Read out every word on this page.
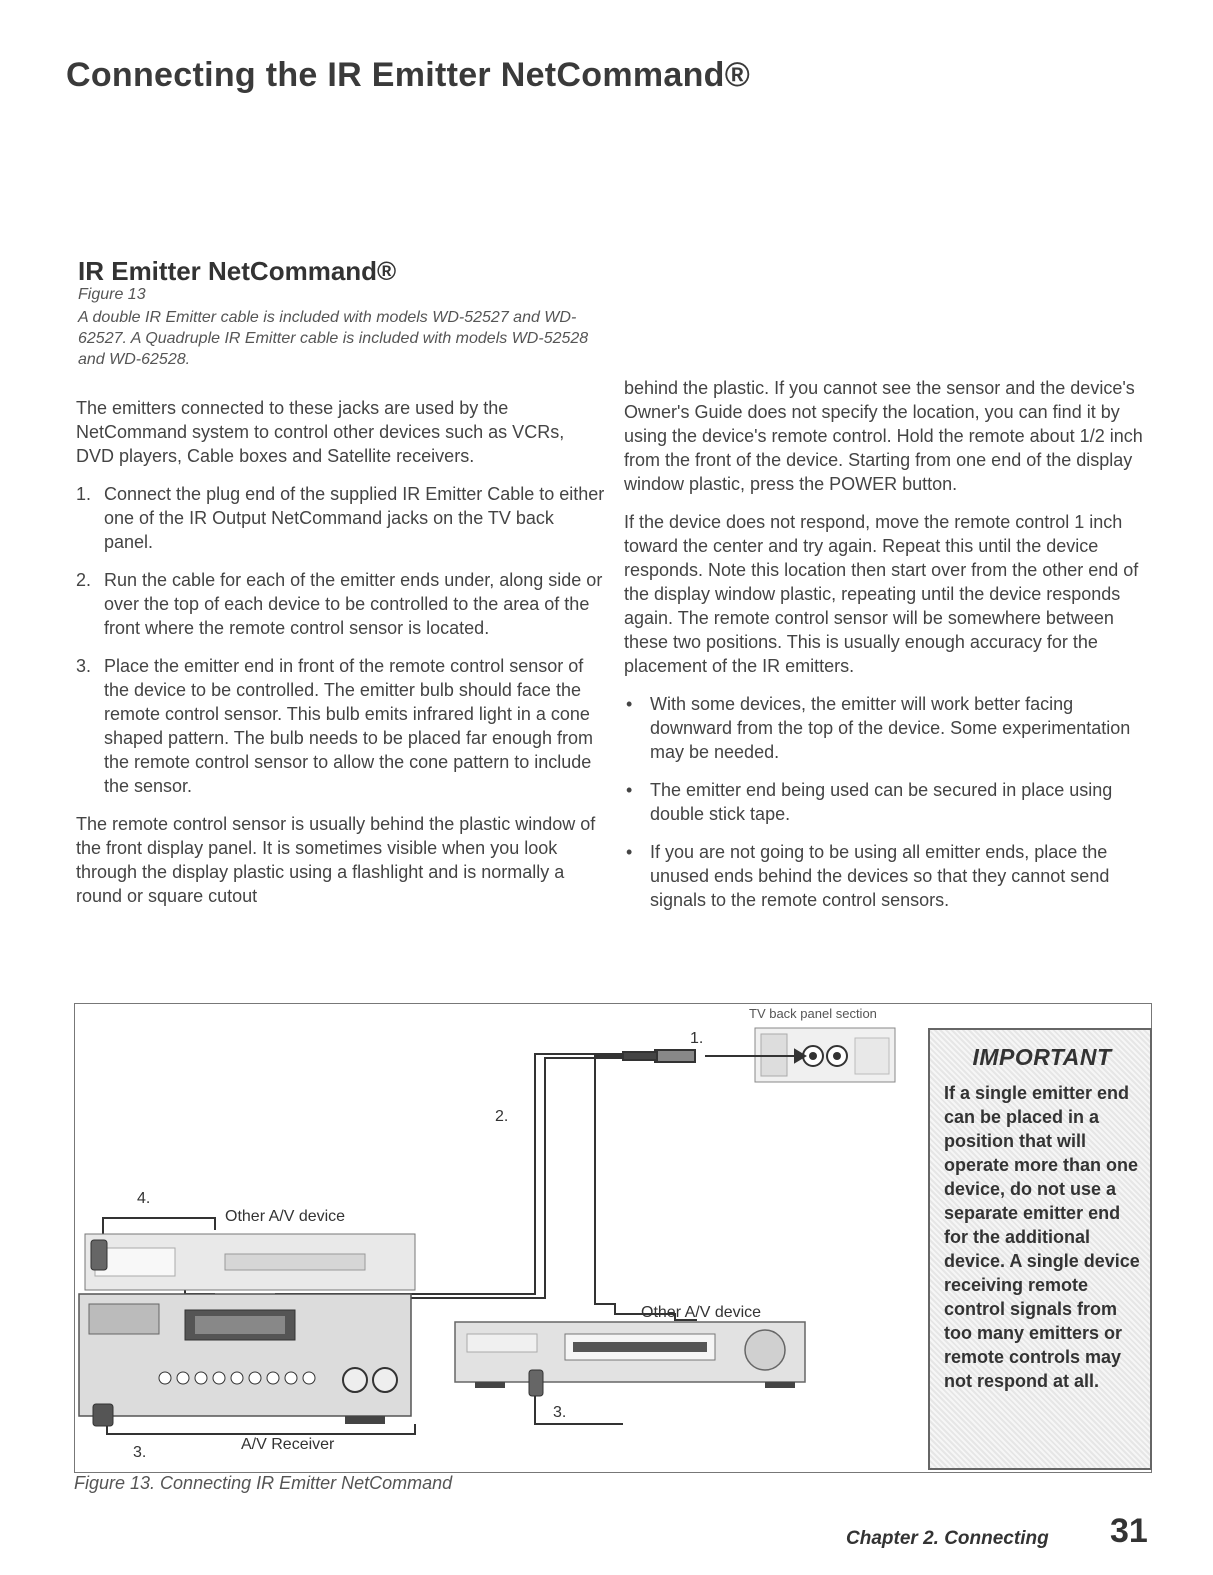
Connecting the IR Emitter NetCommand®
IR Emitter NetCommand®
Figure 13
A double IR Emitter cable is included with models WD-52527 and WD-62527. A Quadruple IR Emitter cable is included with models WD-52528 and WD-62528.

The emitters connected to these jacks are used by the NetCommand system to control other devices such as VCRs, DVD players, Cable boxes and Satellite receivers.

1. Connect the plug end of the supplied IR Emitter Cable to either one of the IR Output NetCommand jacks on the TV back panel.
2. Run the cable for each of the emitter ends under, along side or over the top of each device to be controlled to the area of the front where the remote control sensor is located.
3. Place the emitter end in front of the remote control sensor of the device to be controlled. The emitter bulb should face the remote control sensor. This bulb emits infrared light in a cone shaped pattern. The bulb needs to be placed far enough from the remote control sensor to allow the cone pattern to include the sensor.

The remote control sensor is usually behind the plastic window of the front display panel. It is sometimes visible when you look through the display plastic using a flashlight and is normally a round or square cutout

behind the plastic. If you cannot see the sensor and the device's Owner's Guide does not specify the location, you can find it by using the device's remote control. Hold the remote about 1/2 inch from the front of the device. Starting from one end of the display window plastic, press the POWER button.

If the device does not respond, move the remote control 1 inch toward the center and try again. Repeat this until the device responds. Note this location then start over from the other end of the display window plastic, repeating until the device responds again. The remote control sensor will be somewhere between these two positions. This is usually enough accuracy for the placement of the IR emitters.

• With some devices, the emitter will work better facing downward from the top of the device. Some experimentation may be needed.
• The emitter end being used can be secured in place using double stick tape.
• If you are not going to be using all emitter ends, place the unused ends behind the devices so that they cannot send signals to the remote control sensors.
TV back panel section
1.
2.
4.
Other A/V device
Other A/V device
3.
3.	A/V Receiver
IMPORTANT
If a single emitter end can be placed in a position that will operate more than one device, do not use a separate emitter end for the additional device. A single device receiving remote control signals from too many emitters or remote controls may not respond at all.
Figure 13. Connecting IR Emitter NetCommand
Chapter 2. Connecting 31
